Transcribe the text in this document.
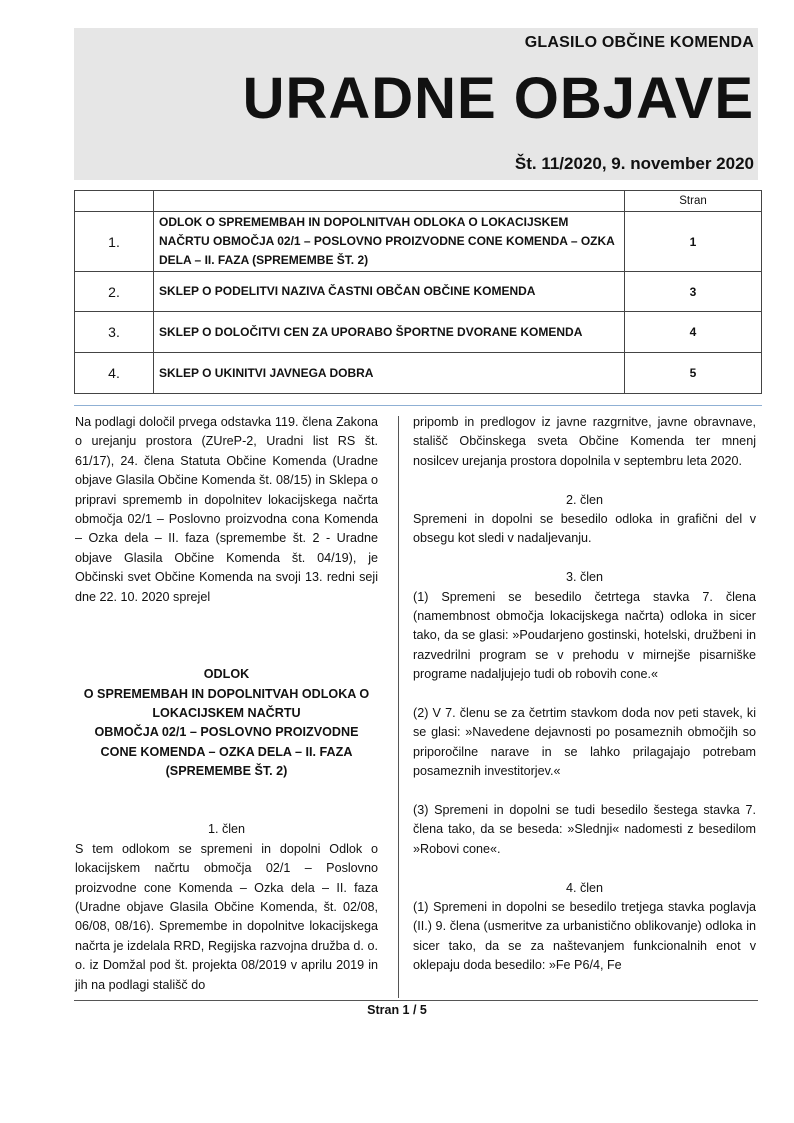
GLASILO OBČINE KOMENDA
URADNE OBJAVE
Št. 11/2020, 9. november 2020
		Stran
1.	ODLOK O SPREMEMBAH IN DOPOLNITVAH ODLOKA O LOKACIJSKEM NAČRTU OBMOČJA 02/1 – POSLOVNO PROIZVODNE CONE KOMENDA – OZKA DELA – II. FAZA (SPREMEMBE ŠT. 2)	1
2.	SKLEP O PODELITVI NAZIVA ČASTNI OBČAN OBČINE KOMENDA	3
3.	SKLEP O DOLOČITVI CEN ZA UPORABO ŠPORTNE DVORANE KOMENDA	4
4.	SKLEP O UKINITVI JAVNEGA DOBRA	5

Na podlagi določil prvega odstavka 119. člena Zakona o urejanju prostora (ZUreP-2, Uradni list RS št. 61/17), 24. člena Statuta Občine Komenda (Uradne objave Glasila Občine Komenda št. 08/15) in Sklepa o pripravi sprememb in dopolnitev lokacijskega načrta območja 02/1 – Poslovno proizvodna cona Komenda – Ozka dela – II. faza (spremembe št. 2 - Uradne objave Glasila Občine Komenda št. 04/19), je Občinski svet Občine Komenda na svoji 13. redni seji dne 22. 10. 2020 sprejel

ODLOK

O SPREMEMBAH IN DOPOLNITVAH ODLOKA O LOKACIJSKEM NAČRTU

OBMOČJA 02/1 – POSLOVNO PROIZVODNE CONE KOMENDA – OZKA DELA – II. FAZA

(SPREMEMBE ŠT. 2)

1. člen

S tem odlokom se spremeni in dopolni Odlok o lokacijskem načrtu območja 02/1 – Poslovno proizvodne cone Komenda – Ozka dela – II. faza (Uradne objave Glasila Občine Komenda, št. 02/08, 06/08, 08/16). Spremembe in dopolnitve lokacijskega načrta je izdelala RRD, Regijska razvojna družba d. o. o. iz Domžal pod št. projekta 08/2019 v aprilu 2019 in jih na podlagi stališč do

pripomb in predlogov iz javne razgrnitve, javne obravnave, stališč Občinskega sveta Občine Komenda ter mnenj nosilcev urejanja prostora dopolnila v septembru leta 2020.

2. člen

Spremeni in dopolni se besedilo odloka in grafični del v obsegu kot sledi v nadaljevanju.

3. člen

(1) Spremeni se besedilo četrtega stavka 7. člena (namembnost območja lokacijskega načrta) odloka in sicer tako, da se glasi: »Poudarjeno gostinski, hotelski, družbeni in razvedrilni program se v prehodu v mirnejše pisarniške programe nadaljujejo tudi ob robovih cone.«

(2) V 7. členu se za četrtim stavkom doda nov peti stavek, ki se glasi: »Navedene dejavnosti po posameznih območjih so priporočilne narave in se lahko prilagajajo potrebam posameznih investitorjev.«

(3) Spremeni in dopolni se tudi besedilo šestega stavka 7. člena tako, da se beseda: »Slednji« nadomesti z besedilom »Robovi cone«.

4. člen

(1) Spremeni in dopolni se besedilo tretjega stavka poglavja (II.) 9. člena (usmeritve za urbanistično oblikovanje) odloka in sicer tako, da se za naštevanjem funkcionalnih enot v oklepaju doda besedilo: »Fe P6/4, Fe

Stran 1 / 5
